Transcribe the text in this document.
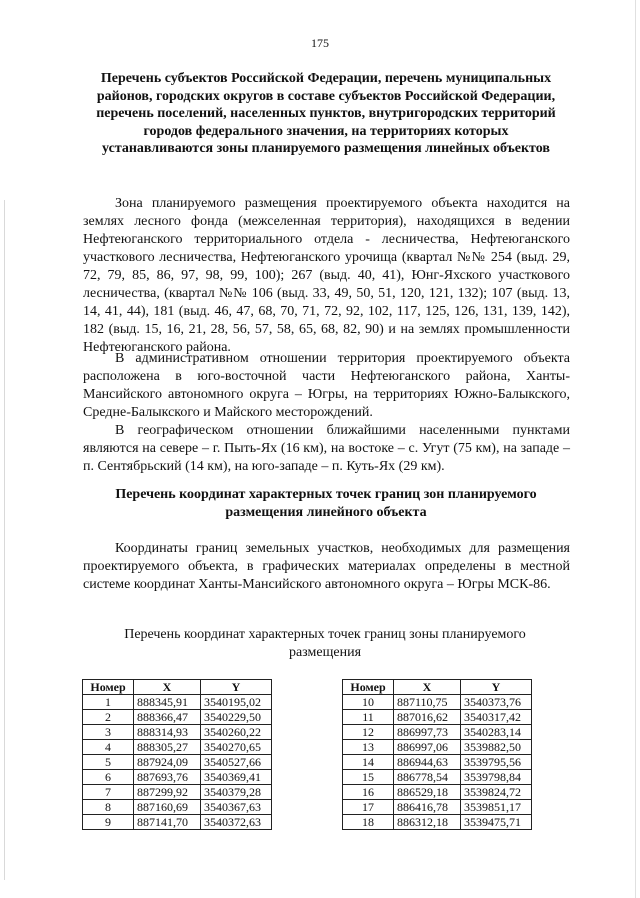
175

Перечень субъектов Российской Федерации, перечень муниципальных районов, городских округов в составе субъектов Российской Федерации, перечень поселений, населенных пунктов, внутригородских территорий городов федерального значения, на территориях которых устанавливаются зоны планируемого размещения линейных объектов

Зона планируемого размещения проектируемого объекта находится на землях лесного фонда (межселенная территория), находящихся в ведении Нефтеюганского территориального отдела - лесничества, Нефтеюганского участкового лесничества, Нефтеюганского урочища (квартал №№ 254 (выд. 29, 72, 79, 85, 86, 97, 98, 99, 100); 267 (выд. 40, 41), Юнг-Яхского участкового лесничества, (квартал №№ 106 (выд. 33, 49, 50, 51, 120, 121, 132); 107 (выд. 13, 14, 41, 44), 181 (выд. 46, 47, 68, 70, 71, 72, 92, 102, 117, 125, 126, 131, 139, 142), 182 (выд. 15, 16, 21, 28, 56, 57, 58, 65, 68, 82, 90) и на землях промышленности Нефтеюганского района.

В административном отношении территория проектируемого объекта расположена в юго-восточной части Нефтеюганского района, Ханты-Мансийского автономного округа – Югры, на территориях Южно-Балыкского, Средне-Балыкского и Майского месторождений.

В географическом отношении ближайшими населенными пунктами являются на севере – г. Пыть-Ях (16 км), на востоке – с. Угут (75 км), на западе – п. Сентябрьский (14 км), на юго-западе – п. Куть-Ях (29 км).

Перечень координат характерных точек границ зон планируемого размещения линейного объекта

Координаты границ земельных участков, необходимых для размещения проектируемого объекта, в графических материалах определены в местной системе координат Ханты-Мансийского автономного округа – Югры МСК-86.

Перечень координат характерных точек границ зоны планируемого размещения

Номер	X	Y
1	888345,91	3540195,02
2	888366,47	3540229,50
3	888314,93	3540260,22
4	888305,27	3540270,65
5	887924,09	3540527,66
6	887693,76	3540369,41
7	887299,92	3540379,28
8	887160,69	3540367,63
9	887141,70	3540372,63
Номер	X	Y
10	887110,75	3540373,76
11	887016,62	3540317,42
12	886997,73	3540283,14
13	886997,06	3539882,50
14	886944,63	3539795,56
15	886778,54	3539798,84
16	886529,18	3539824,72
17	886416,78	3539851,17
18	886312,18	3539475,71
